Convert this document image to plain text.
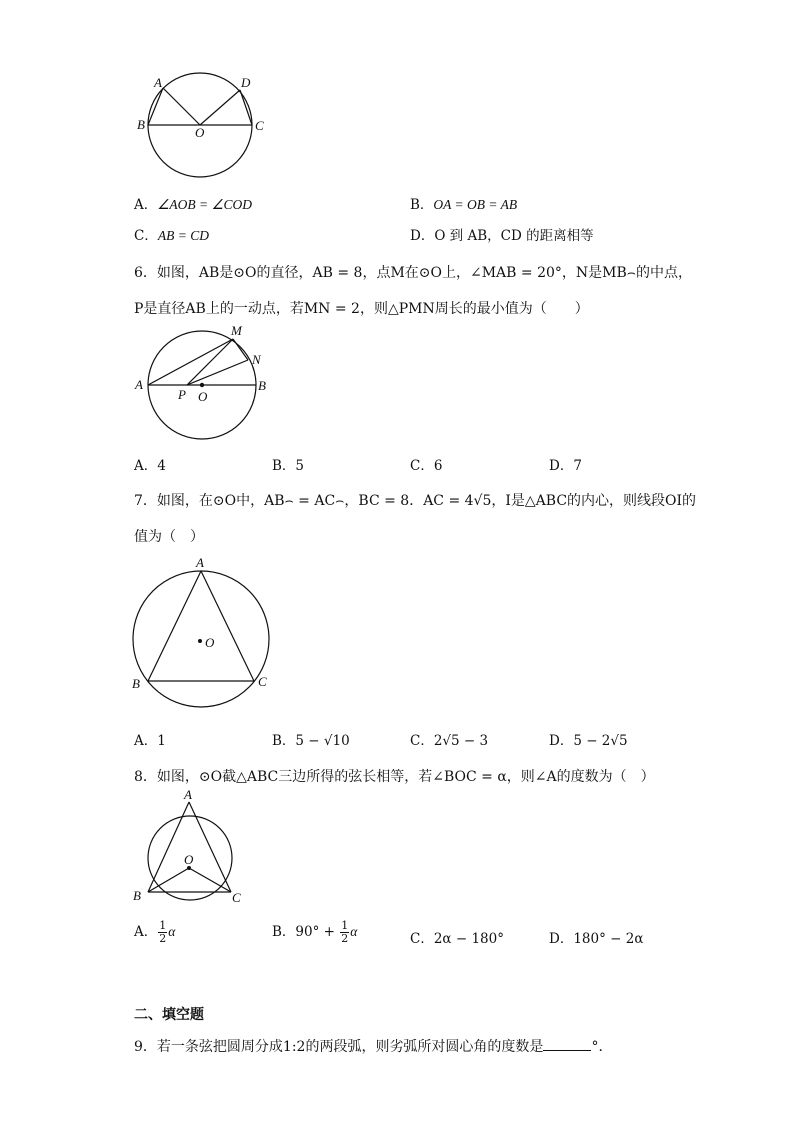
A	D
B
O	C
A．∠AOB = ∠COD	B．OA = OB = AB
C．AB = CD	D．O 到 AB，CD 的距离相等
6．如图，AB是⊙O的直径，AB = 8，点M在⊙O上，∠MAB = 20°，N是MB⌢的中点，
P是直径AB上的一动点，若MN = 2，则△PMN周长的最小值为（　　）
M
N
A
P O
B
A．4	B．5	C．6	D．7
7．如图，在⊙O中，AB⌢ = AC⌢，BC = 8．AC = 4√5，I是△ABC的内心，则线段OI的
值为（　）
A
O
B	C
A．1	B．5 − √10	C．2√5 − 3	D．5 − 2√5
8．如图，⊙O截△ABC三边所得的弦长相等，若∠BOC = α，则∠A的度数为（　）
A
O
B	C
A． $\frac{1}{2}$ α	B．$90^\circ + \frac{1}{2}$ α	C．2α − 180°	D．180° − 2α
二、填空题
9．若一条弦把圆周分成1:2的两段弧，则劣弧所对圆心角的度数是	°．
